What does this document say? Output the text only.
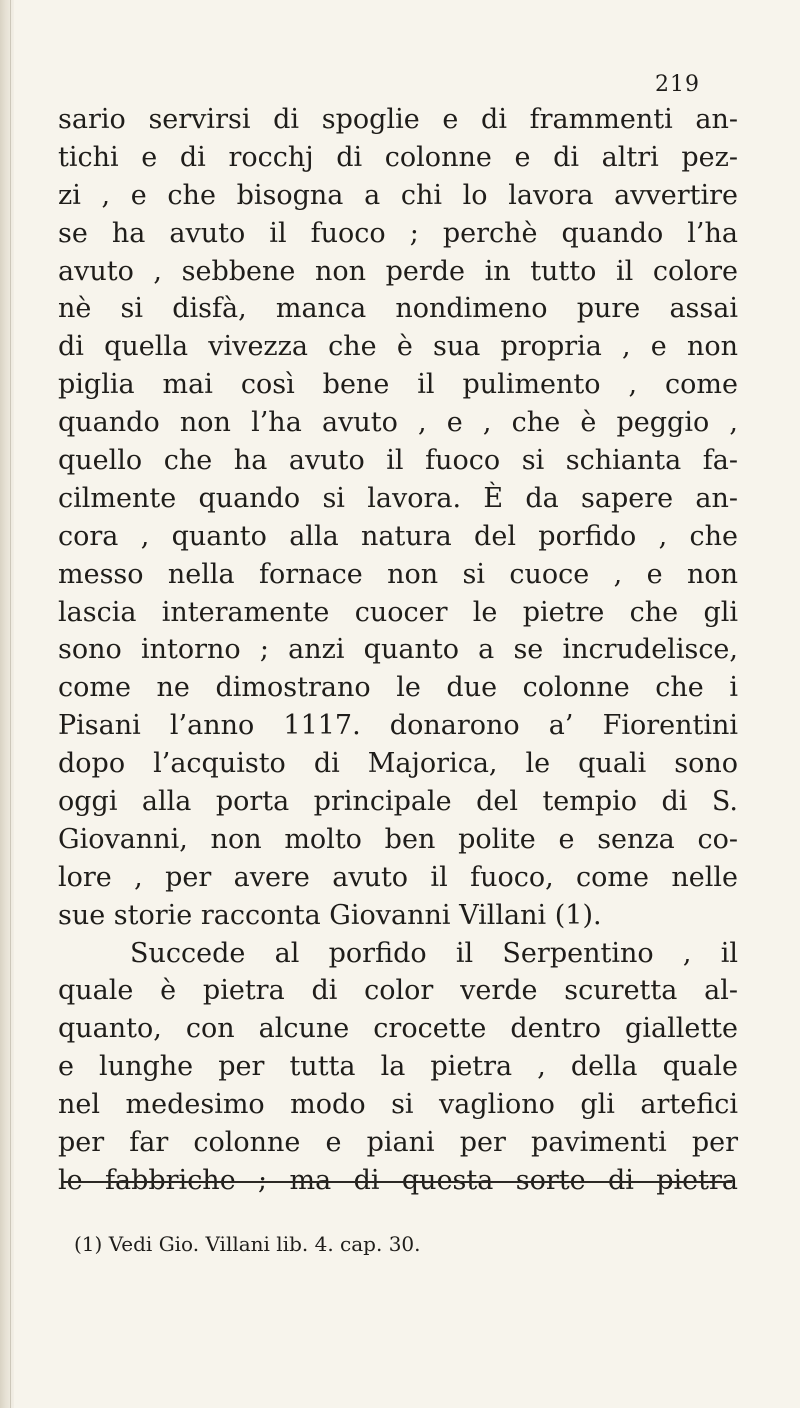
219
sario servirsi di spoglie e di frammenti an-
tichi e di rocchj di colonne e di altri pez-
zi , e che bisogna a chi lo lavora avvertire
se ha avuto il fuoco ; perchè quando l’ha
avuto , sebbene non perde in tutto il colore
nè si disfà, manca nondimeno pure assai
di quella vivezza che è sua propria , e non
piglia mai così bene il pulimento , come
quando non l’ha avuto , e , che è peggio ,
quello che ha avuto il fuoco si schianta fa-
cilmente quando si lavora. È da sapere an-
cora , quanto alla natura del porfido , che
messo nella fornace non si cuoce , e non
lascia interamente cuocer le pietre che gli
sono intorno ; anzi quanto a se incrudelisce,
come ne dimostrano le due colonne che i
Pisani l’anno 1117. donarono a’ Fiorentini
dopo l’acquisto di Majorica, le quali sono
oggi alla porta principale del tempio di S.
Giovanni, non molto ben polite e senza co-
lore , per avere avuto il fuoco, come nelle
sue storie racconta Giovanni Villani (1).
Succede al porfido il Serpentino , il
quale è pietra di color verde scuretta al-
quanto, con alcune crocette dentro giallette
e lunghe per tutta la pietra , della quale
nel medesimo modo si vagliono gli artefici
per far colonne e piani per pavimenti per
le fabbriche ; ma di questa sorte di pietra
(1) Vedi Gio. Villani lib. 4. cap. 30.
